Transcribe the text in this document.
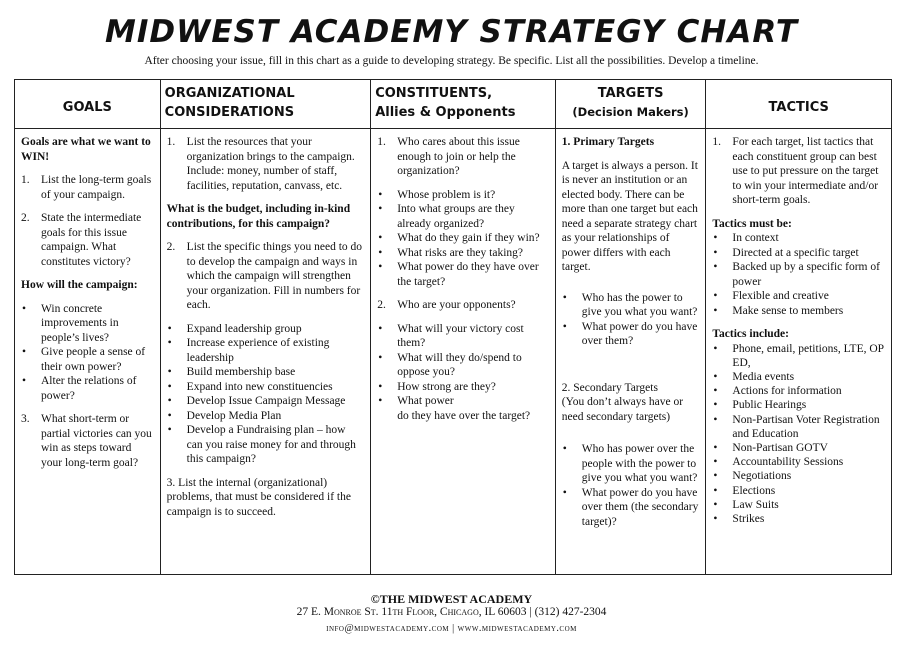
MIDWEST ACADEMY STRATEGY CHART
After choosing your issue, fill in this chart as a guide to developing strategy. Be specific. List all the possibilities. Develop a timeline.
GOALS

Goals are what we want to WIN!

1. List the long-term goals of your campaign.
2. State the intermediate goals for this issue campaign. What constitutes victory?

How will the campaign:

•	Win concrete improvements in people’s lives?
•	Give people a sense of their own power?
•	Alter the relations of power?
3. What short-term or partial victories can you win as steps toward your long-term goal?
ORGANIZATIONAL
CONSIDERATIONS
1. List the resources that your organization brings to the campaign. Include: money, number of staff, facilities, reputation, canvass, etc.

What is the budget, including in-kind contributions, for this campaign?

2. List the specific things you need to do to develop the campaign and ways in which the campaign will strengthen your organization. Fill in numbers for each.
•	Expand leadership group
•	Increase experience of existing leadership
•	Build membership base
•	Expand into new constituencies
•	Develop Issue Campaign Message
•	Develop Media Plan
•	Develop a Fundraising plan – how can you raise money for and through this campaign?

3. List the internal (organizational) problems, that must be considered if the campaign is to succeed.

CONSTITUENTS,
Allies & Opponents
1. Who cares about this issue enough to join or help the organization?
•	Whose problem is it?
•	Into what groups are they already organized?
•	What do they gain if they win?
•	What risks are they taking?
•	What power do they have over the target?
2. Who are your opponents?
•	What will your victory cost them?
•	What will they do/spend to oppose you?
•	How strong are they?
•	What power

do they have over the target?

TARGETS
(Decision Makers)

1. Primary Targets

A target is always a person. It is never an institution or an elected body. There can be more than one target but each need a separate strategy chart as your relationships of power differs with each target.

•	Who has the power to give you what you want?
•	What power do you have over them?

2. Secondary Targets

(You don’t always have or need secondary targets)

•	Who has power over the people with the power to give you what you want?
•	What power do you have over them (the secondary target)?
TACTICS
1. For each target, list tactics that each constituent group can best use to put pressure on the target to win your intermediate and/or short-term goals.

Tactics must be:

•	In context
•	Directed at a specific target
•	Backed up by a specific form of power
•	Flexible and creative
•	Make sense to members

Tactics include:

•	Phone, email, petitions, LTE, OP ED,
•	Media events
•	Actions for information
•	Public Hearings
•	Non-Partisan Voter Registration and Education
•	Non-Partisan GOTV
•	Accountability Sessions
•	Negotiations
•	Elections
•	Law Suits
•	Strikes
©THE MIDWEST ACADEMY
27 E. Monroe St. 11th Floor, Chicago, IL 60603 | (312) 427-2304
info@midwestacademy.com | www.midwestacademy.com
